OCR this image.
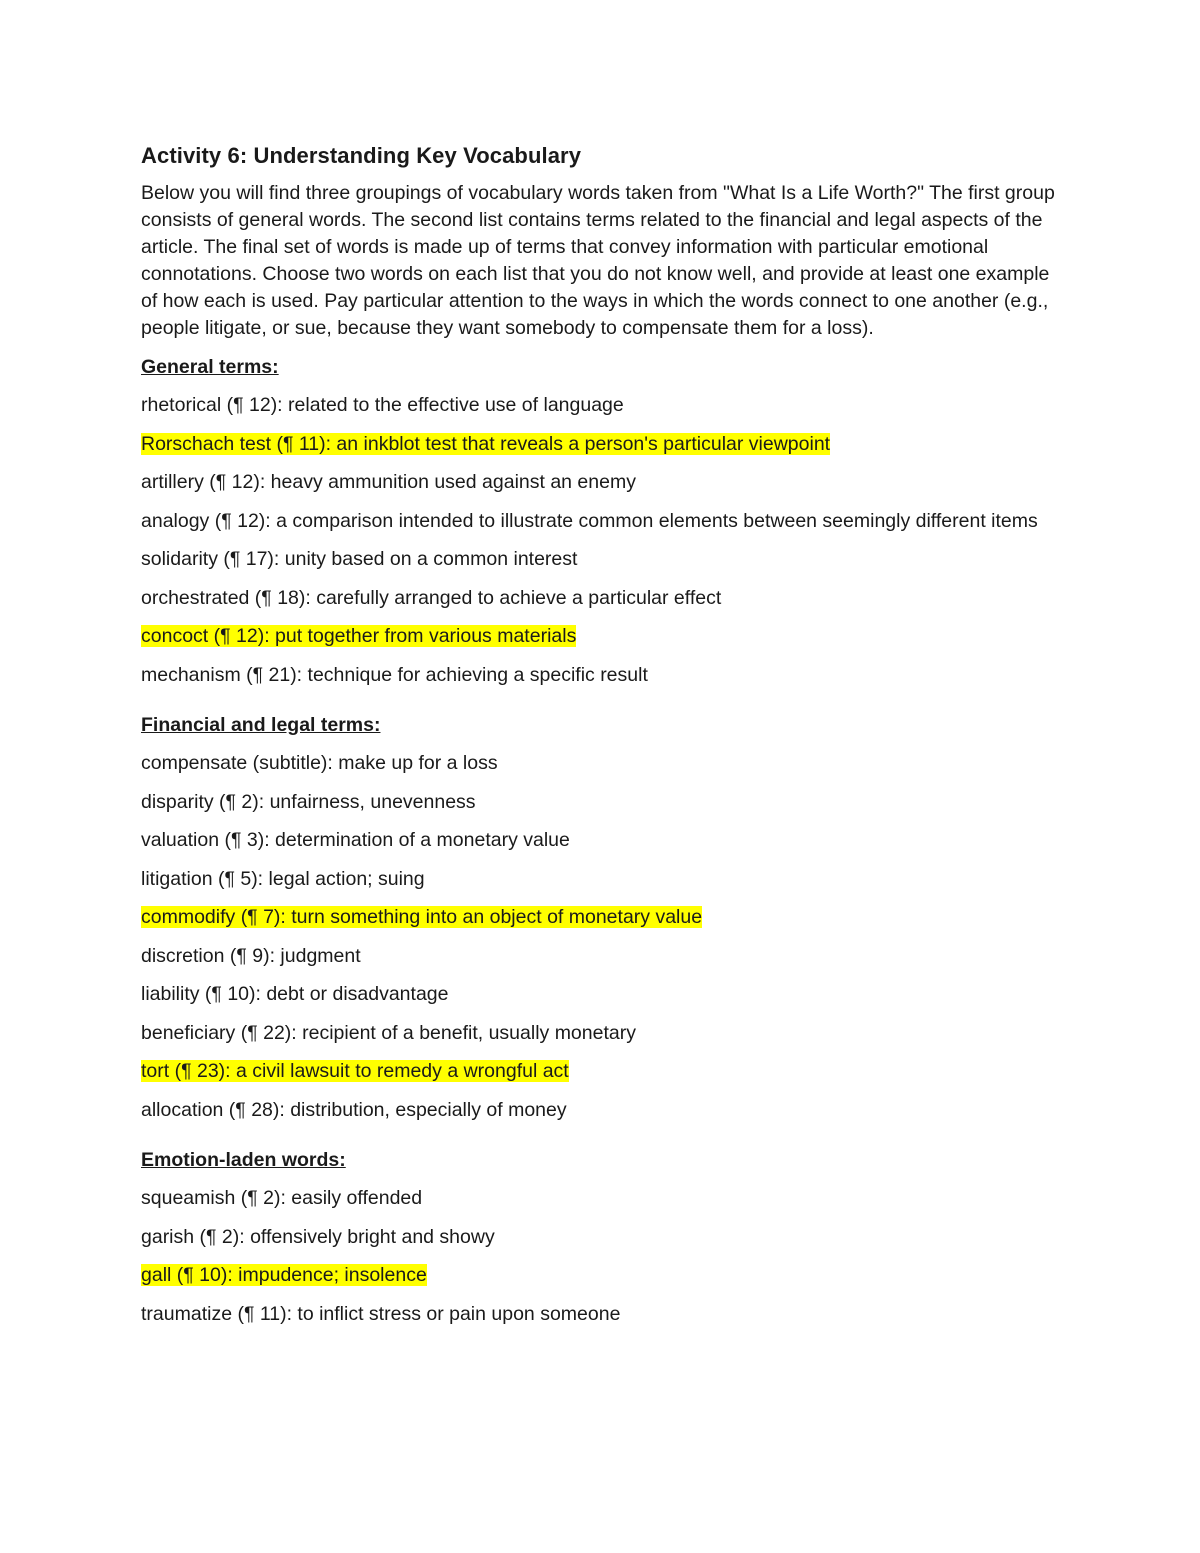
Activity 6: Understanding Key Vocabulary
Below you will find three groupings of vocabulary words taken from "What Is a Life Worth?" The first group consists of general words. The second list contains terms related to the financial and legal aspects of the article. The final set of words is made up of terms that convey information with particular emotional connotations. Choose two words on each list that you do not know well, and provide at least one example of how each is used. Pay particular attention to the ways in which the words connect to one another (e.g., people litigate, or sue, because they want somebody to compensate them for a loss).
General terms:
rhetorical (¶ 12): related to the effective use of language
Rorschach test (¶ 11): an inkblot test that reveals a person's particular viewpoint
artillery (¶ 12): heavy ammunition used against an enemy
analogy (¶ 12): a comparison intended to illustrate common elements between seemingly different items
solidarity (¶ 17): unity based on a common interest
orchestrated (¶ 18): carefully arranged to achieve a particular effect
concoct (¶ 12): put together from various materials
mechanism (¶ 21): technique for achieving a specific result
Financial and legal terms:
compensate (subtitle): make up for a loss
disparity (¶ 2): unfairness, unevenness
valuation (¶ 3): determination of a monetary value
litigation (¶ 5): legal action; suing
commodify (¶ 7): turn something into an object of monetary value
discretion (¶ 9): judgment
liability (¶ 10): debt or disadvantage
beneficiary (¶ 22): recipient of a benefit, usually monetary
tort (¶ 23): a civil lawsuit to remedy a wrongful act
allocation (¶ 28): distribution, especially of money
Emotion-laden words:
squeamish (¶ 2): easily offended
garish (¶ 2): offensively bright and showy
gall (¶ 10): impudence; insolence
traumatize (¶ 11): to inflict stress or pain upon someone
